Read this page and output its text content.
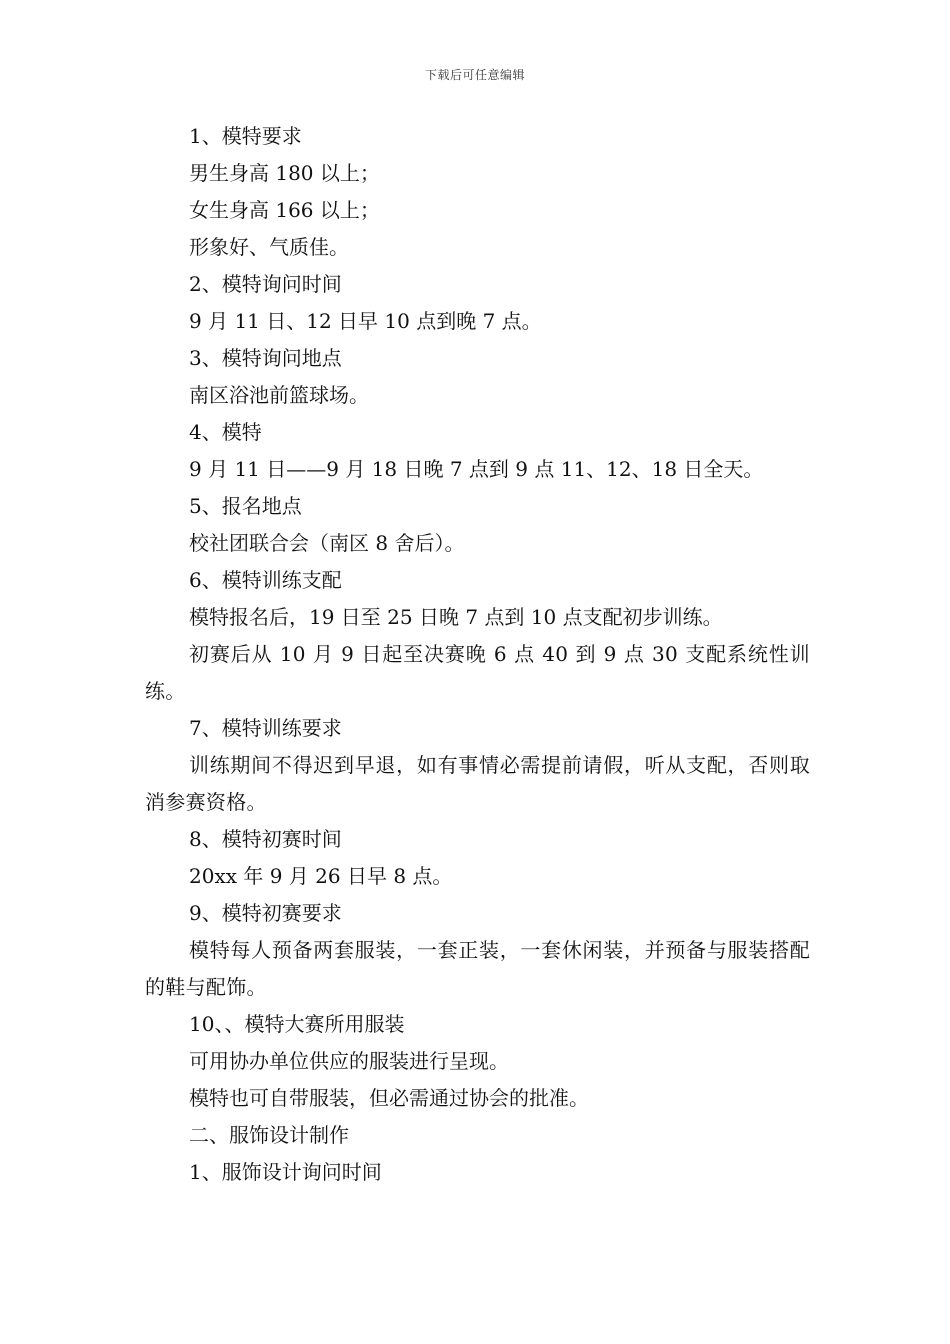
下载后可任意编辑
1、模特要求
男生身高 180 以上；
女生身高 166 以上；
形象好、气质佳。
2、模特询问时间
9 月 11 日、12 日早 10 点到晚 7 点。
3、模特询问地点
南区浴池前篮球场。
4、模特
9 月 11 日——9 月 18 日晚 7 点到 9 点 11、12、18 日全天。
5、报名地点
校社团联合会（南区 8 舍后）。
6、模特训练支配
模特报名后，19 日至 25 日晚 7 点到 10 点支配初步训练。
初赛后从 10 月 9 日起至决赛晚 6 点 40 到 9 点 30 支配系统性训练。
7、模特训练要求
训练期间不得迟到早退，如有事情必需提前请假，听从支配，否则取消参赛资格。
8、模特初赛时间
20xx 年 9 月 26 日早 8 点。
9、模特初赛要求
模特每人预备两套服装，一套正装，一套休闲装，并预备与服装搭配的鞋与配饰。
10、、模特大赛所用服装
可用协办单位供应的服装进行呈现。
模特也可自带服装，但必需通过协会的批准。
二、服饰设计制作
1、服饰设计询问时间
